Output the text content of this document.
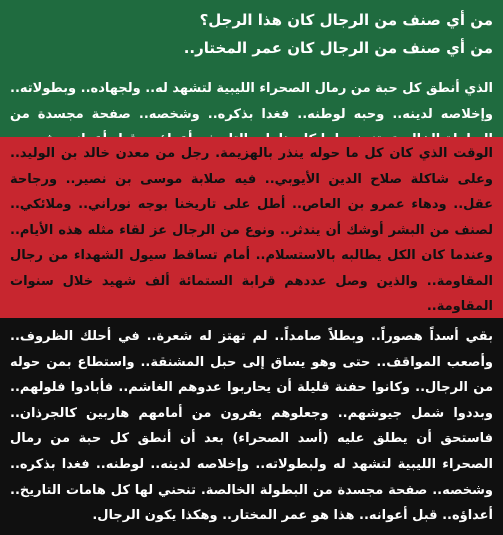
من أي صنف من الرجال كان هذا الرجل؟

من أي صنف من الرجال كان عمر المختار..

الذي أنطق كل حبة من رمال الصحراء الليبية لتشهد له.. ولجهاده.. وبطولاته.. وإخلاصه لدينه.. وحبه لوطنه.. فغدا بذكره.. وشخصه.. صفحة مجسدة من

الوقت الذي كان كل ما حوله ينذر بالهزيمة. رجل من معدن خالد بن الوليد.. وعلى شاكلة صلاح الدين الأيوبي.. فيه صلابة موسى بن نصير.. ورجاحة عقل.. ودهاء عمرو بن العاص.. أطل على تاريخنا بوجه نوراني.. وملائكي.. لصنف من البشر أوشك أن يندثر.. ونوع من الرجال عز لقاء مثله هذه الأيام.. وعندما كان الكل يطالبه بالاستسلام.. أمام تساقط سيول الشهداء من رجال المقاومة.. والذين وصل عددهم قرابة الستمائة ألف شهيد خلال سنوات المقاومة..

بقي أسداً هصوراً.. وبطلاً صامداً.. لم تهتز له شعرة.. في أحلك الظروف.. وأصعب المواقف.. حتى وهو يساق إلى حبل المشنقة.. واستطاع بمن حوله من الرجال.. وكانوا حفنة قليلة أن يحاربوا عدوهم الغاشم.. فأبادوا فلولهم.. وبددوا شمل جيوشهم.. وجعلوهم يفرون من أمامهم هاربين كالجرذان.. فاستحق أن يطلق عليه (أسد الصحراء) بعد أن أنطق كل حبة من رمال الصحراء الليبية لتشهد له ولبطولاته.. وإخلاصه لدينه.. لوطنه.. فغدا بذكره.. وشخصه.. صفحة مجسدة من البطولة الخالصة. تنحني لها كل هامات التاريخ.. أعداؤه.. قبل أعوانه.. هذا هو عمر المختار.. وهكذا يكون الرجال.
